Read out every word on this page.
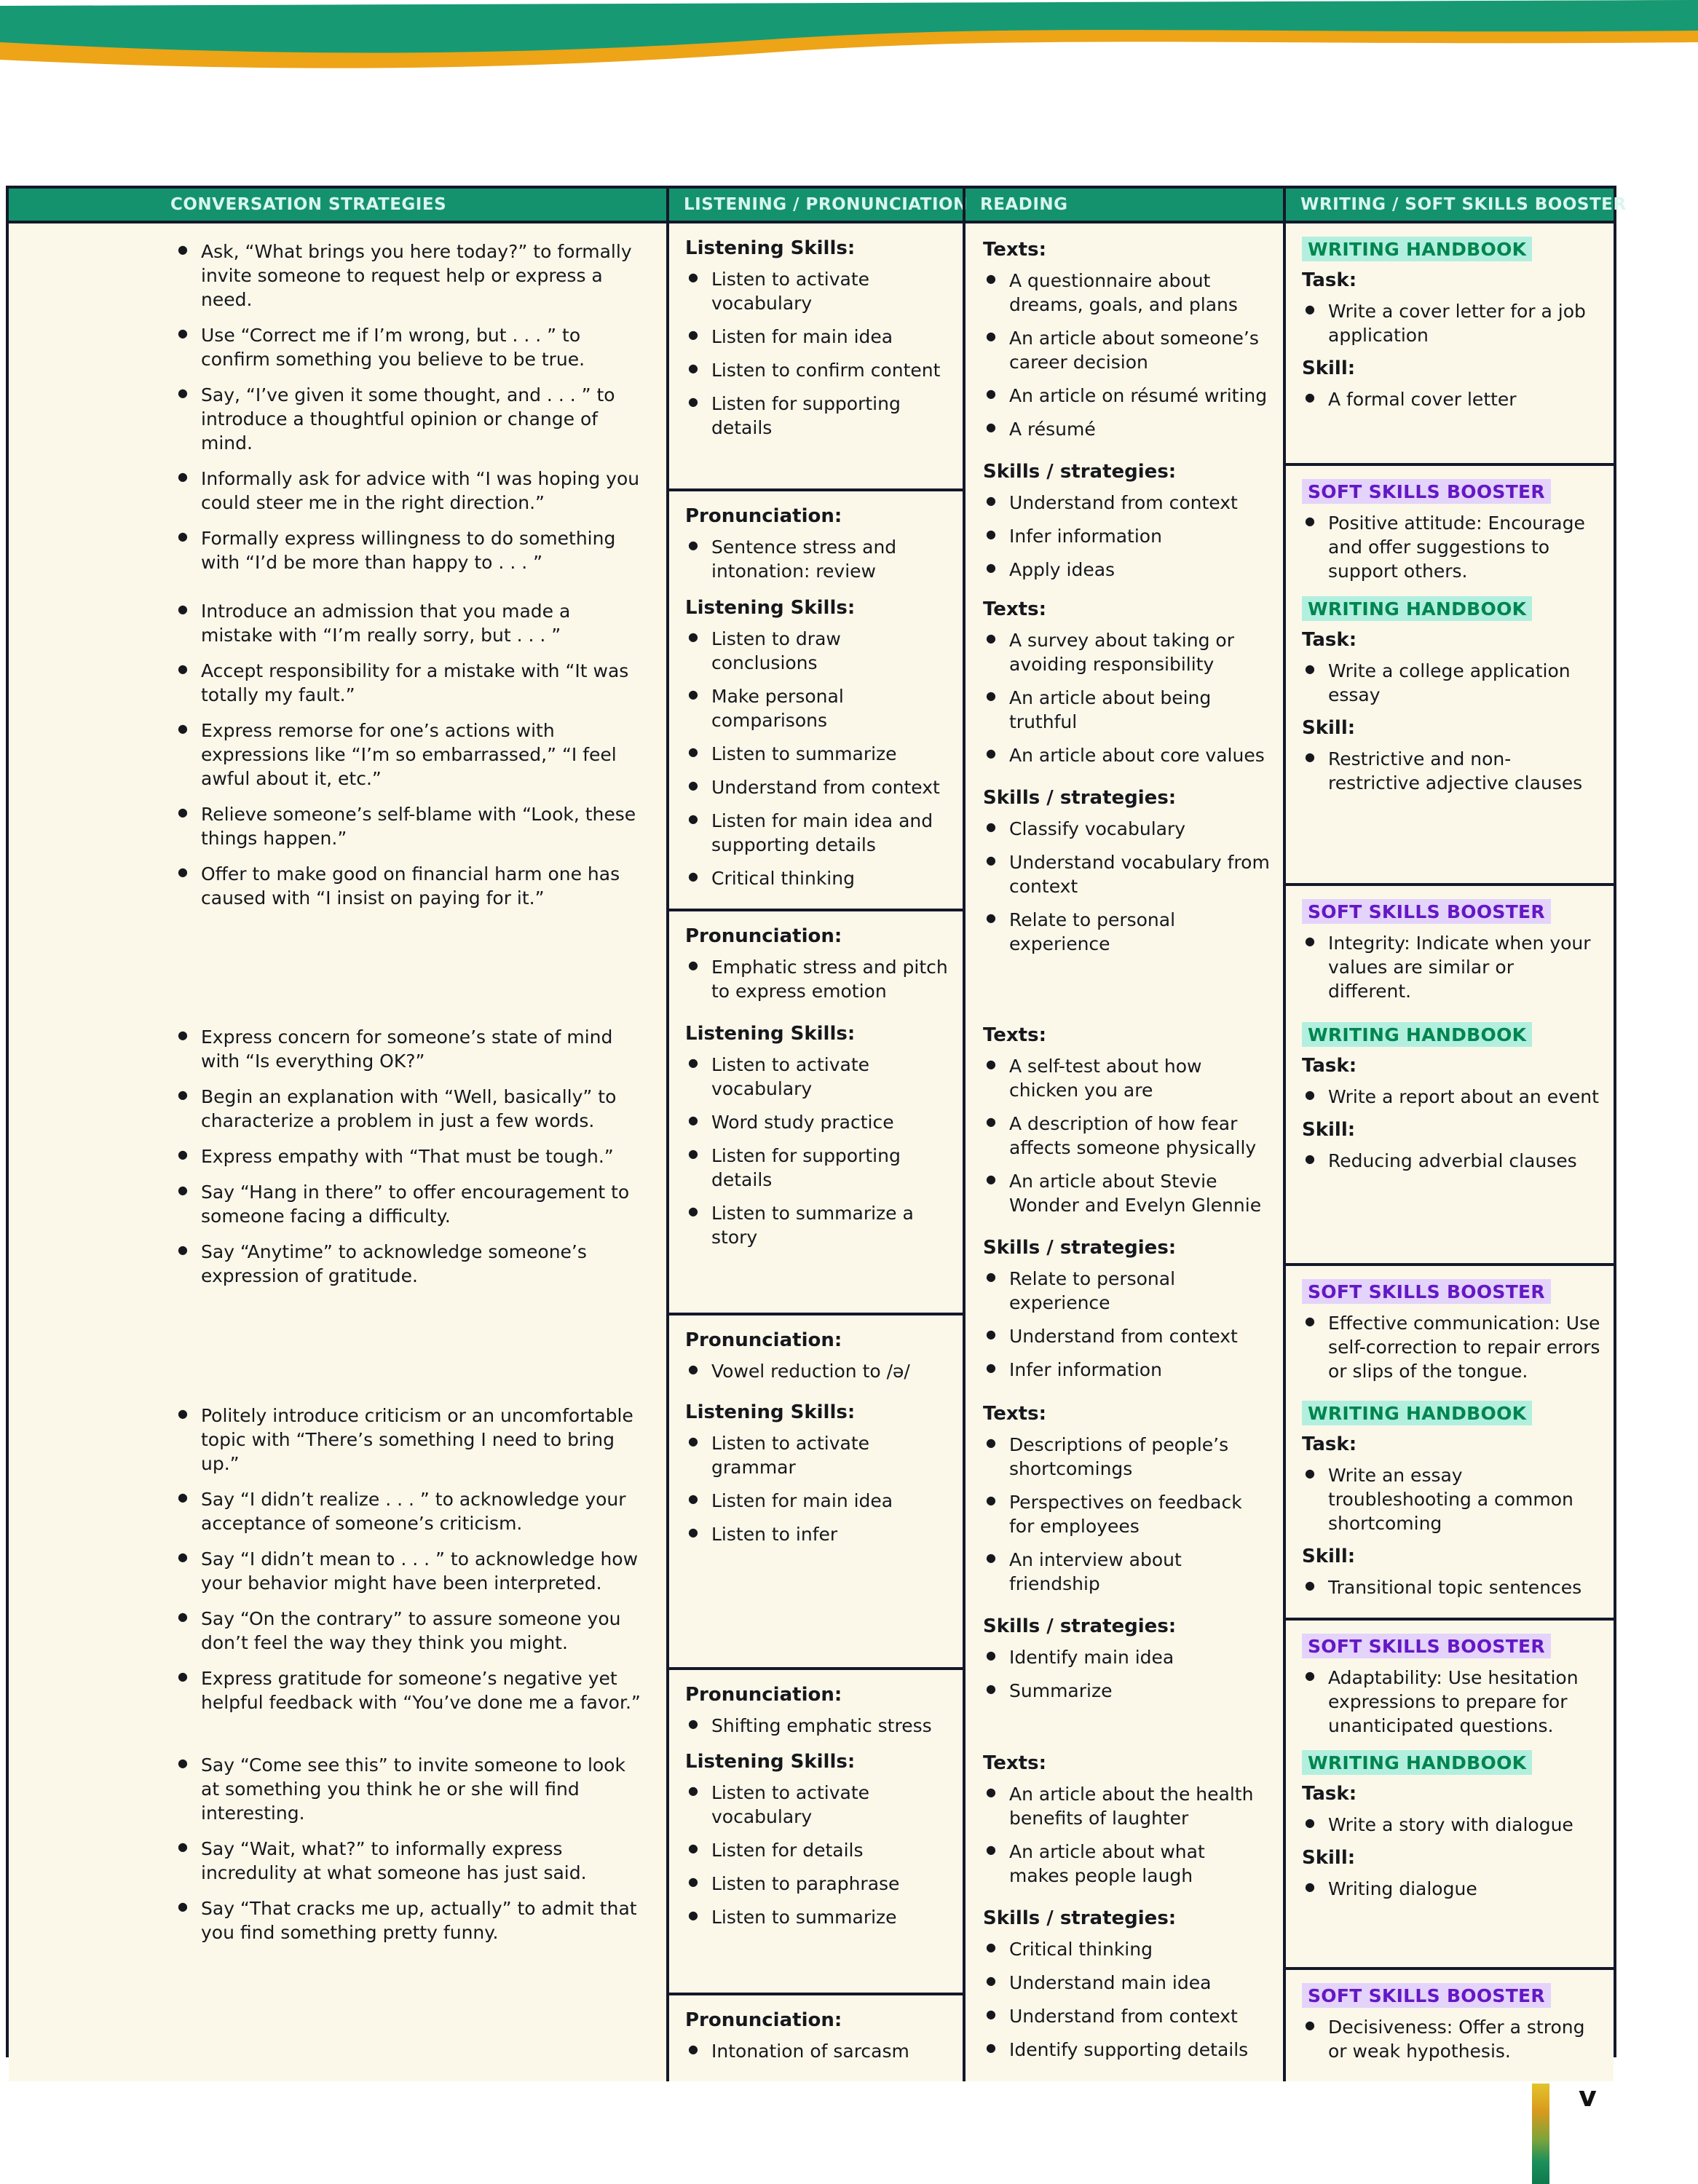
CONVERSATION STRATEGIES	LISTENING / PRONUNCIATION READING	WRITING / SOFT SKILLS BOOSTER
● Ask, “What brings you here today?” to formally invite someone to request help or express a need.
● Use “Correct me if I’m wrong, but . . . ” to confirm something you believe to be true.
● Say, “I’ve given it some thought, and . . . ” to introduce a thoughtful opinion or change of mind.
● Informally ask for advice with “I was hoping you could steer me in the right direction.”
● Formally express willingness to do something with “I’d be more than happy to . . . ”
Listening Skills:
● Listen to activate vocabulary
● Listen for main idea
● Listen to confirm content
● Listen for supporting details
Pronunciation:
● Sentence stress and intonation: review
Texts:
● A questionnaire about dreams, goals, and plans
● An article about someone’s career decision
● An article on résumé writing
● A résumé
Skills / strategies:
● Understand from context
● Infer information
● Apply ideas
WRITING HANDBOOK
Task:
● Write a cover letter for a job application
Skill:
● A formal cover letter
SOFT SKILLS BOOSTER
● Positive attitude: Encourage and offer suggestions to support others.
● Introduce an admission that you made a mistake with “I’m really sorry, but . . . ”
● Accept responsibility for a mistake with “It was totally my fault.”
● Express remorse for one’s actions with expressions like “I’m so embarrassed,” “I feel awful about it, etc.”
● Relieve someone’s self-blame with “Look, these things happen.”
● Offer to make good on financial harm one has caused with “I insist on paying for it.”
Listening Skills:
● Listen to draw conclusions
● Make personal comparisons
● Listen to summarize
● Understand from context
● Listen for main idea and supporting details
● Critical thinking
Pronunciation:
● Emphatic stress and pitch to express emotion
Texts:
● A survey about taking or avoiding responsibility
● An article about being truthful
● An article about core values
Skills / strategies:
● Classify vocabulary
● Understand vocabulary from context
● Relate to personal experience
WRITING HANDBOOK
Task:
● Write a college application essay
Skill:
● Restrictive and non-restrictive adjective clauses
SOFT SKILLS BOOSTER
● Integrity: Indicate when your values are similar or different.
● Express concern for someone’s state of mind with “Is everything OK?”
● Begin an explanation with “Well, basically” to characterize a problem in just a few words.
● Express empathy with “That must be tough.”
● Say “Hang in there” to offer encouragement to someone facing a difficulty.
● Say “Anytime” to acknowledge someone’s expression of gratitude.
Listening Skills:
● Listen to activate vocabulary
● Word study practice
● Listen for supporting details
● Listen to summarize a story
Pronunciation:
● Vowel reduction to /ə/
Texts:
● A self-test about how chicken you are
● A description of how fear affects someone physically
● An article about Stevie Wonder and Evelyn Glennie
Skills / strategies:
● Relate to personal experience
● Understand from context
● Infer information
WRITING HANDBOOK
Task:
● Write a report about an event
Skill:
● Reducing adverbial clauses
SOFT SKILLS BOOSTER
● Effective communication: Use self-correction to repair errors or slips of the tongue.
● Politely introduce criticism or an uncomfortable topic with “There’s something I need to bring up.”
● Say “I didn’t realize . . . ” to acknowledge your acceptance of someone’s criticism.
● Say “I didn’t mean to . . . ” to acknowledge how your behavior might have been interpreted.
● Say “On the contrary” to assure someone you don’t feel the way they think you might.
● Express gratitude for someone’s negative yet helpful feedback with “You’ve done me a favor.”
Listening Skills:
● Listen to activate grammar
● Listen for main idea
● Listen to infer
Pronunciation:
● Shifting emphatic stress
Texts:
● Descriptions of people’s shortcomings
● Perspectives on feedback for employees
● An interview about friendship
Skills / strategies:
● Identify main idea
● Summarize
WRITING HANDBOOK
Task:
● Write an essay troubleshooting a common shortcoming
Skill:
● Transitional topic sentences
SOFT SKILLS BOOSTER
● Adaptability: Use hesitation expressions to prepare for unanticipated questions.
● Say “Come see this” to invite someone to look at something you think he or she will find interesting.
● Say “Wait, what?” to informally express incredulity at what someone has just said.
● Say “That cracks me up, actually” to admit that you find something pretty funny.
Listening Skills:
● Listen to activate vocabulary
● Listen for details
● Listen to paraphrase
● Listen to summarize
Pronunciation:
● Intonation of sarcasm
Texts:
● An article about the health benefits of laughter
● An article about what makes people laugh
Skills / strategies:
● Critical thinking
● Understand main idea
● Understand from context
● Identify supporting details
WRITING HANDBOOK
Task:
● Write a story with dialogue
Skill:
● Writing dialogue
SOFT SKILLS BOOSTER
● Decisiveness: Offer a strong or weak hypothesis.
v
